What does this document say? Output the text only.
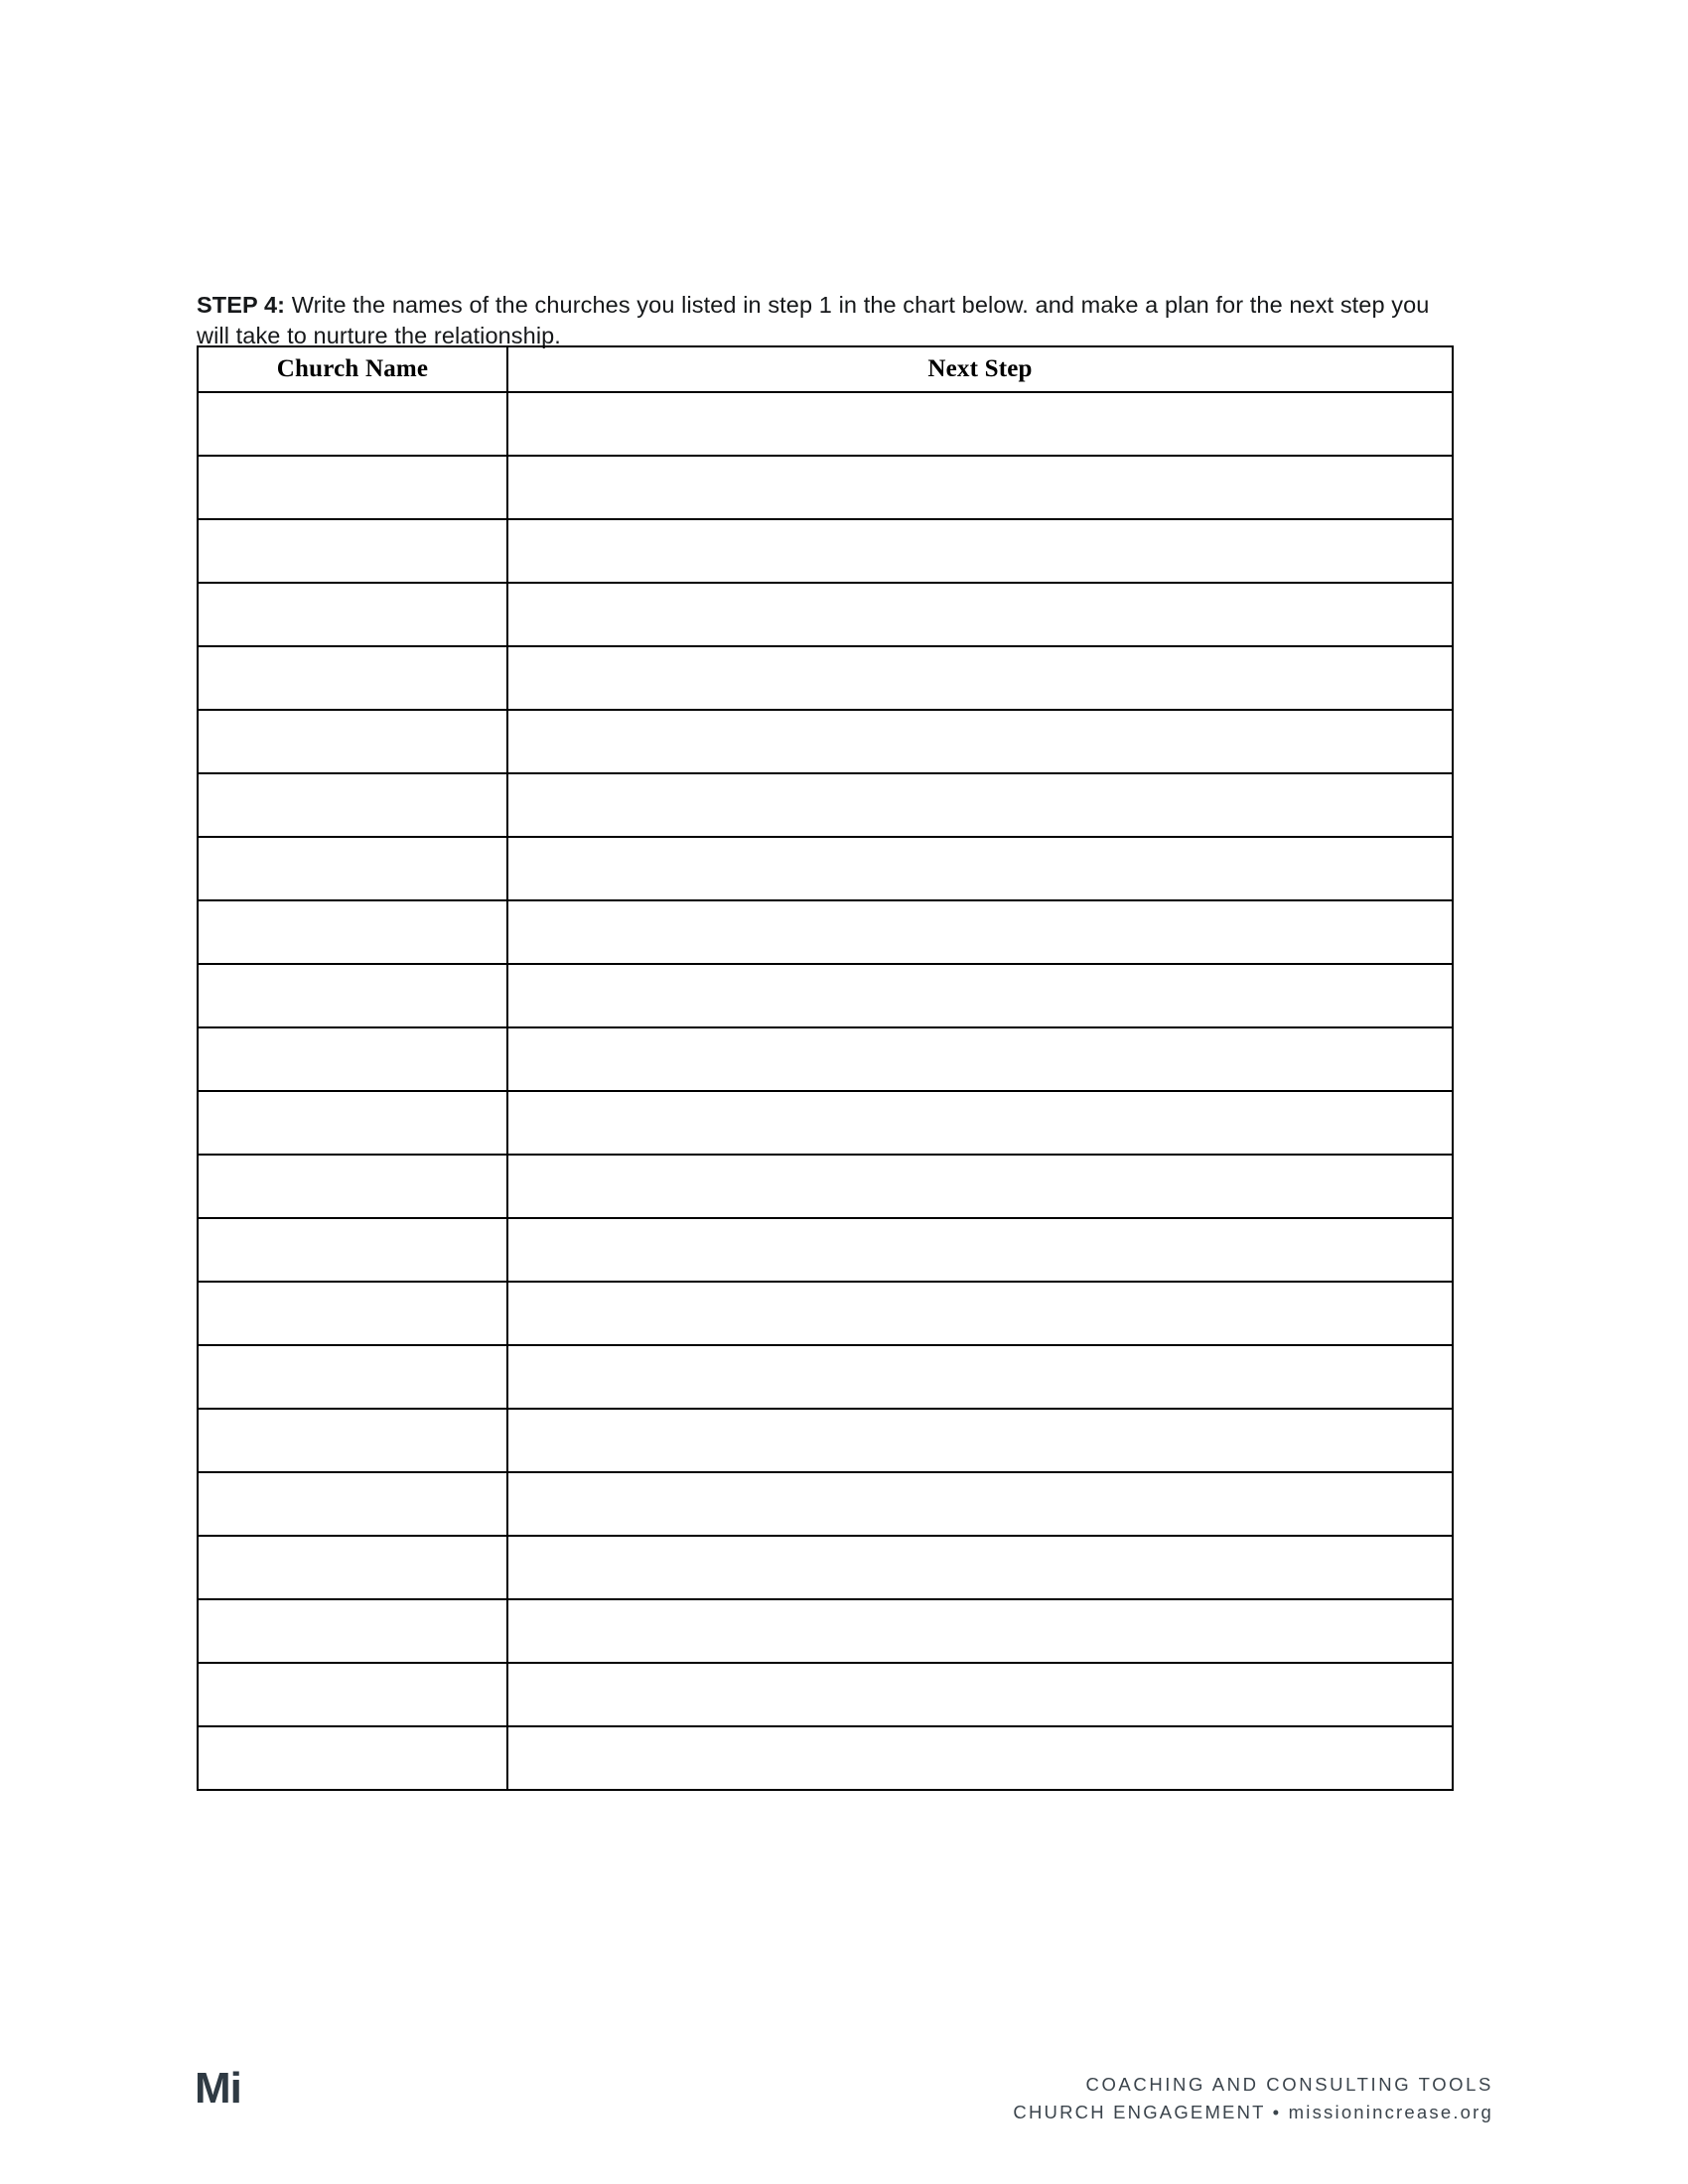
STEP 4: Write the names of the churches you listed in step 1 in the chart below. and make a plan for the next step you will take to nurture the relationship.

Church Name	Next Step

Mi	COACHING AND CONSULTING TOOLS
CHURCH ENGAGEMENT • missionincrease.org
